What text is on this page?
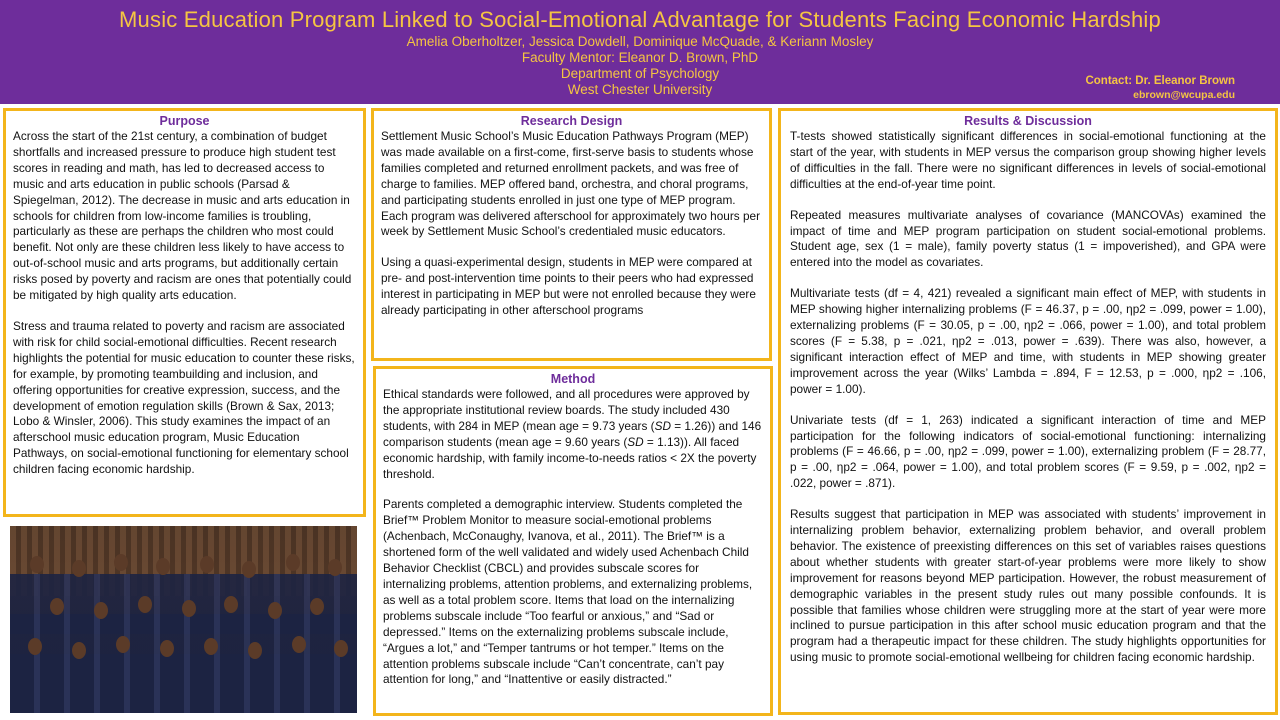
Music Education Program Linked to Social-Emotional Advantage for Students Facing Economic Hardship
Amelia Oberholtzer, Jessica Dowdell, Dominique McQuade, & Keriann Mosley
Faculty Mentor: Eleanor D. Brown, PhD
Department of Psychology
West Chester University
Contact: Dr. Eleanor Brown
ebrown@wcupa.edu
Purpose

Across the start of the 21st century, a combination of budget shortfalls and increased pressure to produce high student test scores in reading and math, has led to decreased access to music and arts education in public schools (Parsad & Spiegelman, 2012). The decrease in music and arts education in schools for children from low-income families is troubling, particularly as these are perhaps the children who most could benefit. Not only are these children less likely to have access to out-of-school music and arts programs, but additionally certain risks posed by poverty and racism are ones that potentially could be mitigated by high quality arts education.

Stress and trauma related to poverty and racism are associated with risk for child social-emotional difficulties. Recent research highlights the potential for music education to counter these risks, for example, by promoting teambuilding and inclusion, and offering opportunities for creative expression, success, and the development of emotion regulation skills (Brown & Sax, 2013; Lobo & Winsler, 2006). This study examines the impact of an afterschool music education program, Music Education Pathways, on social-emotional functioning for elementary school children facing economic hardship.

Research Design

Settlement Music School’s Music Education Pathways Program (MEP) was made available on a first-come, first-serve basis to students whose families completed and returned enrollment packets, and was free of charge to families. MEP offered band, orchestra, and choral programs, and participating students enrolled in just one type of MEP program. Each program was delivered afterschool for approximately two hours per week by Settlement Music School’s credentialed music educators.

Using a quasi-experimental design, students in MEP were compared at pre- and post-intervention time points to their peers who had expressed interest in participating in MEP but were not enrolled because they were already participating in other afterschool programs

Method

Ethical standards were followed, and all procedures were approved by the appropriate institutional review boards. The study included 430 students, with 284 in MEP (mean age = 9.73 years (SD = 1.26)) and 146 comparison students (mean age = 9.60 years (SD = 1.13)). All faced economic hardship, with family income-to-needs ratios < 2X the poverty threshold.

Parents completed a demographic interview. Students completed the Brief™ Problem Monitor to measure social-emotional problems (Achenbach, McConaughy, Ivanova, et al., 2011). The Brief™ is a shortened form of the well validated and widely used Achenbach Child Behavior Checklist (CBCL) and provides subscale scores for internalizing problems, attention problems, and externalizing problems, as well as a total problem score. Items that load on the internalizing problems subscale include “Too fearful or anxious,” and “Sad or depressed.” Items on the externalizing problems subscale include, “Argues a lot,” and “Temper tantrums or hot temper.” Items on the attention problems subscale include “Can’t concentrate, can’t pay attention for long,” and “Inattentive or easily distracted.”

Results & Discussion

T-tests showed statistically significant differences in social-emotional functioning at the start of the year, with students in MEP versus the comparison group showing higher levels of difficulties in the fall. There were no significant differences in levels of social-emotional difficulties at the end-of-year time point.

Repeated measures multivariate analyses of covariance (MANCOVAs) examined the impact of time and MEP program participation on student social-emotional problems. Student age, sex (1 = male), family poverty status (1 = impoverished), and GPA were entered into the model as covariates.

Multivariate tests (df = 4, 421) revealed a significant main effect of MEP, with students in MEP showing higher internalizing problems (F = 46.37, p = .00, ηp2 = .099, power = 1.00), externalizing problems (F = 30.05, p = .00, ηp2 = .066, power = 1.00), and total problem scores (F = 5.38, p = .021, ηp2 = .013, power = .639). There was also, however, a significant interaction effect of MEP and time, with students in MEP showing greater improvement across the year (Wilks’ Lambda = .894, F = 12.53, p = .000, ηp2 = .106, power = 1.00).

Univariate tests (df = 1, 263) indicated a significant interaction of time and MEP participation for the following indicators of social-emotional functioning: internalizing problems (F = 46.66, p = .00, ηp2 = .099, power = 1.00), externalizing problem (F = 28.77, p = .00, ηp2 = .064, power = 1.00), and total problem scores (F = 9.59, p = .002, ηp2 = .022, power = .871).

Results suggest that participation in MEP was associated with students’ improvement in internalizing problem behavior, externalizing problem behavior, and overall problem behavior. The existence of preexisting differences on this set of variables raises questions about whether students with greater start-of-year problems were more likely to show improvement for reasons beyond MEP participation. However, the robust measurement of demographic variables in the present study rules out many possible confounds. It is possible that families whose children were struggling more at the start of year were more inclined to pursue participation in this after school music education program and that the program had a therapeutic impact for these children. The study highlights opportunities for using music to promote social-emotional wellbeing for children facing economic hardship.
